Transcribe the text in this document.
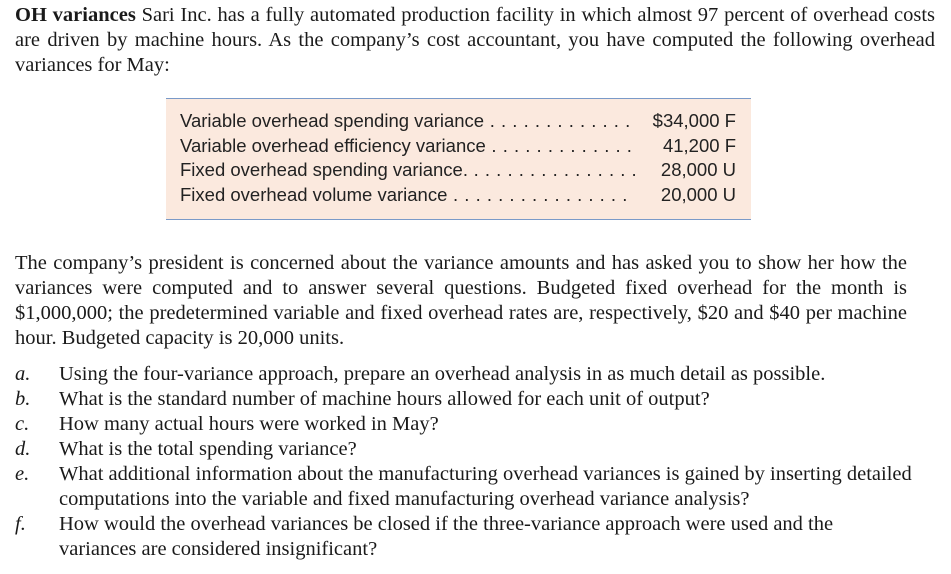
OH variances Sari Inc. has a fully automated production facility in which almost 97 percent of overhead costs are driven by machine hours. As the company’s cost accountant, you have computed the following overhead variances for May:
Variable overhead spending variance . . .	$34,000 F
Variable overhead efficiency variance . . .	41,200 F
Fixed overhead spending variance. . . .	28,000 U
Fixed overhead volume variance . . .	20,000 U
The company’s president is concerned about the variance amounts and has asked you to show her how the variances were computed and to answer several questions. Budgeted fixed overhead for the month is $1,000,000; the predetermined variable and fixed overhead rates are, respectively, $20 and $40 per machine hour. Budgeted capacity is 20,000 units.
a. Using the four-variance approach, prepare an overhead analysis in as much detail as possible.
b. What is the standard number of machine hours allowed for each unit of output?
c. How many actual hours were worked in May?
d. What is the total spending variance?
e. What additional information about the manufacturing overhead variances is gained by inserting detailed computations into the variable and fixed manufacturing overhead variance analysis?
f. How would the overhead variances be closed if the three-variance approach were used and the variances are considered insignificant?
